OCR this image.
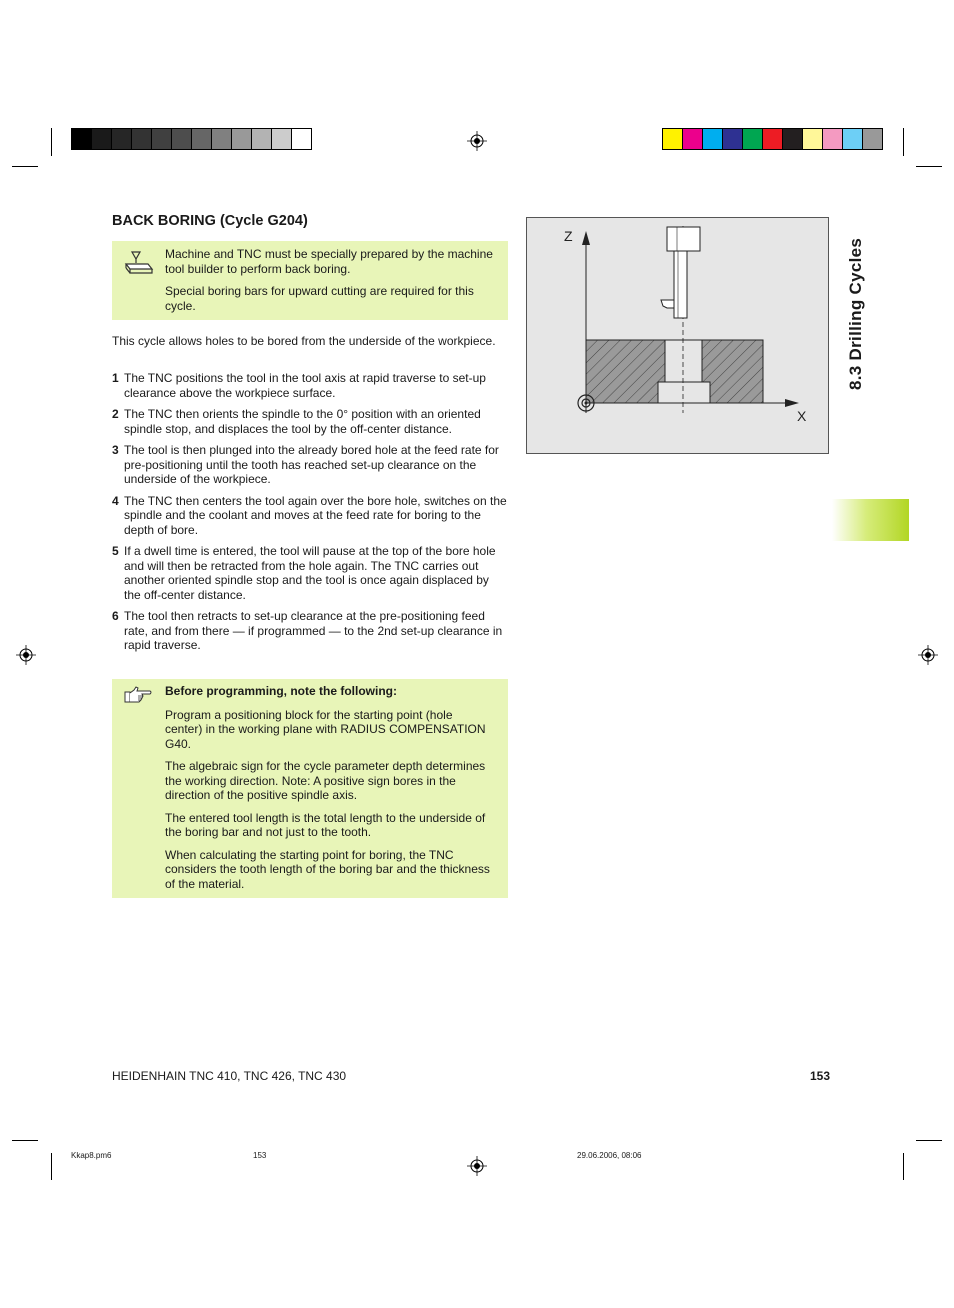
BACK BORING (Cycle G204)

Machine and TNC must be specially prepared by the machine tool builder to perform back boring.

Special boring bars for upward cutting are required for this cycle.

This cycle allows holes to be bored from the underside of the workpiece.

1 The TNC positions the tool in the tool axis at rapid traverse to set-up clearance above the workpiece surface.
2 The TNC then orients the spindle to the 0° position with an oriented spindle stop, and displaces the tool by the off-center distance.
3 The tool is then plunged into the already bored hole at the feed rate for pre-positioning until the tooth has reached set-up clearance on the underside of the workpiece.
4 The TNC then centers the tool again over the bore hole, switches on the spindle and the coolant and moves at the feed rate for boring to the depth of bore.
5 If a dwell time is entered, the tool will pause at the top of the bore hole and will then be retracted from the hole again. The TNC carries out another oriented spindle stop and the tool is once again displaced by the off-center distance.
6 The tool then retracts to set-up clearance at the pre-positioning feed rate, and from there — if programmed — to the 2nd set-up clearance in rapid traverse.

Before programming, note the following:

Program a positioning block for the starting point (hole center) in the working plane with RADIUS COMPENSATION G40.

The algebraic sign for the cycle parameter depth determines the working direction. Note: A positive sign bores in the direction of the positive spindle axis.

The entered tool length is the total length to the underside of the boring bar and not just to the tooth.

When calculating the starting point for boring, the TNC considers the tooth length of the boring bar and the thickness of the material.

Z
X
8.3 Drilling Cycles
HEIDENHAIN TNC 410, TNC 426, TNC 430	153
Kkap8.pm6	153	29.06.2006, 08:06
